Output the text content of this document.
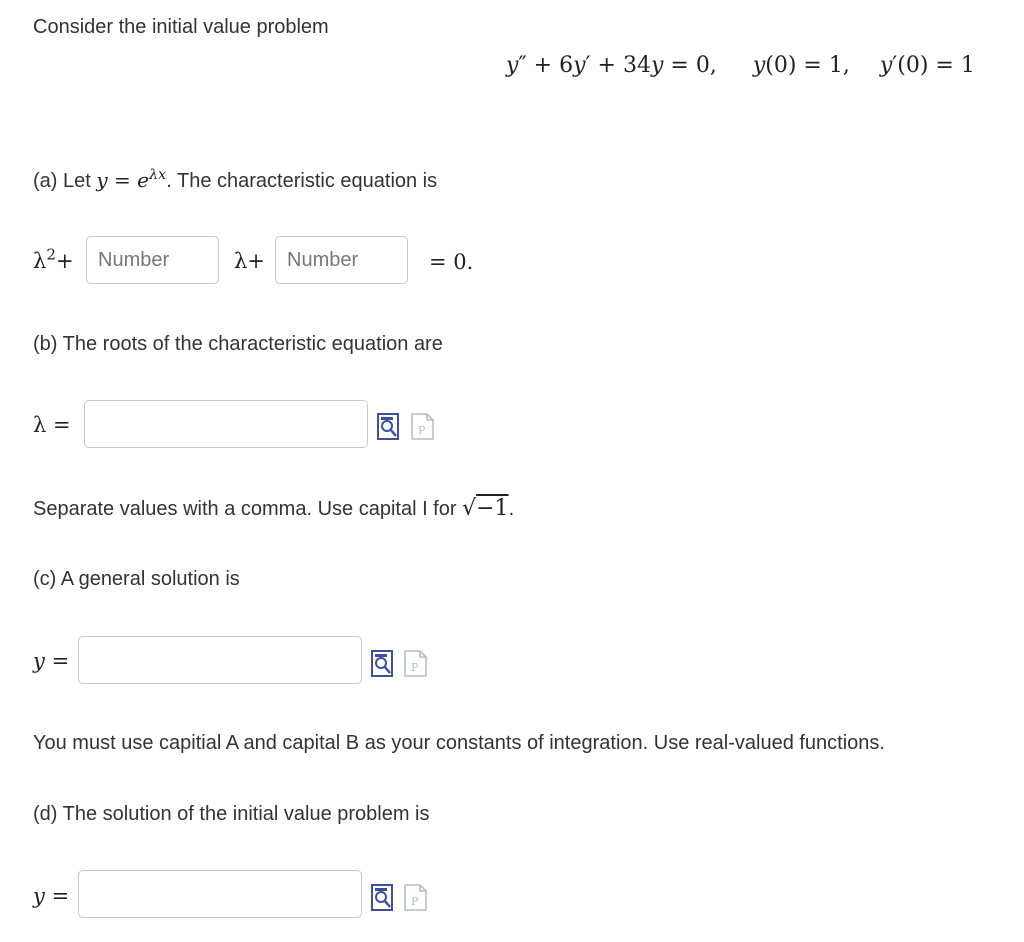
Consider the initial value problem
y″ + 6y′ + 34y = 0, y(0) = 1, y′(0) = 1
(a) Let $y = e^{\lambda x}$. The characteristic equation is
$\lambda^2+$
Number	λ+
Number	= 0.
(b) The roots of the characteristic equation are
λ =	P
Separate values with a comma. Use capital I for √−1.
(c) A general solution is
y =	P
You must use capitial A and capital B as your constants of integration. Use real-valued functions.
(d) The solution of the initial value problem is
y =	P
